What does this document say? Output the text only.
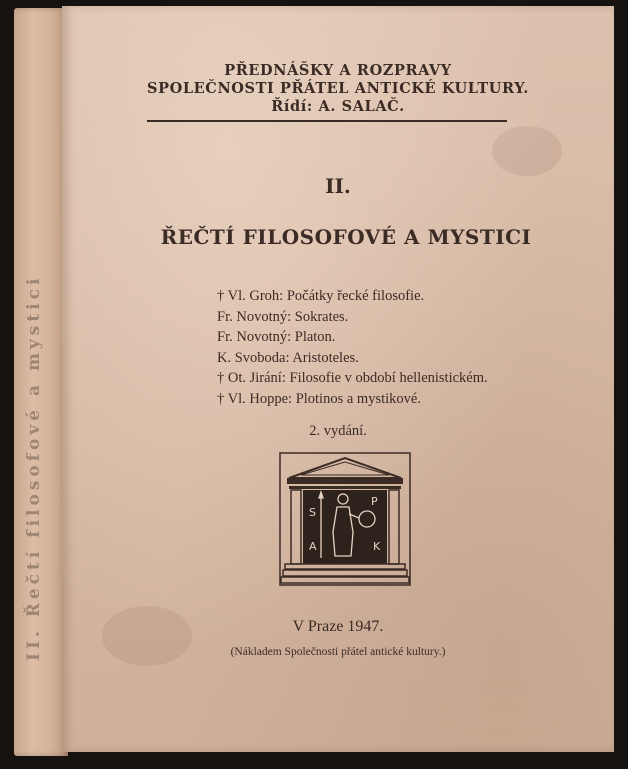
II. Řečtí filosofové a mystici
PŘEDNÁŠKY A ROZPRAVY
SPOLEČNOSTI PŘÁTEL ANTICKÉ KULTURY.
Řídí: A. SALAČ.
II.
ŘEČTÍ FILOSOFOVÉ A MYSTICI
† Vl. Groh: Počátky řecké filosofie.
Fr. Novotný: Sokrates.
Fr. Novotný: Platon.
K. Svoboda: Aristoteles.
† Ot. Jirání: Filosofie v období hellenistickém.
† Vl. Hoppe: Plotinos a mystikové.
2. vydání.
S
P
A	K
V Praze 1947.
(Nákladem Společnosti přátel antické kultury.)
